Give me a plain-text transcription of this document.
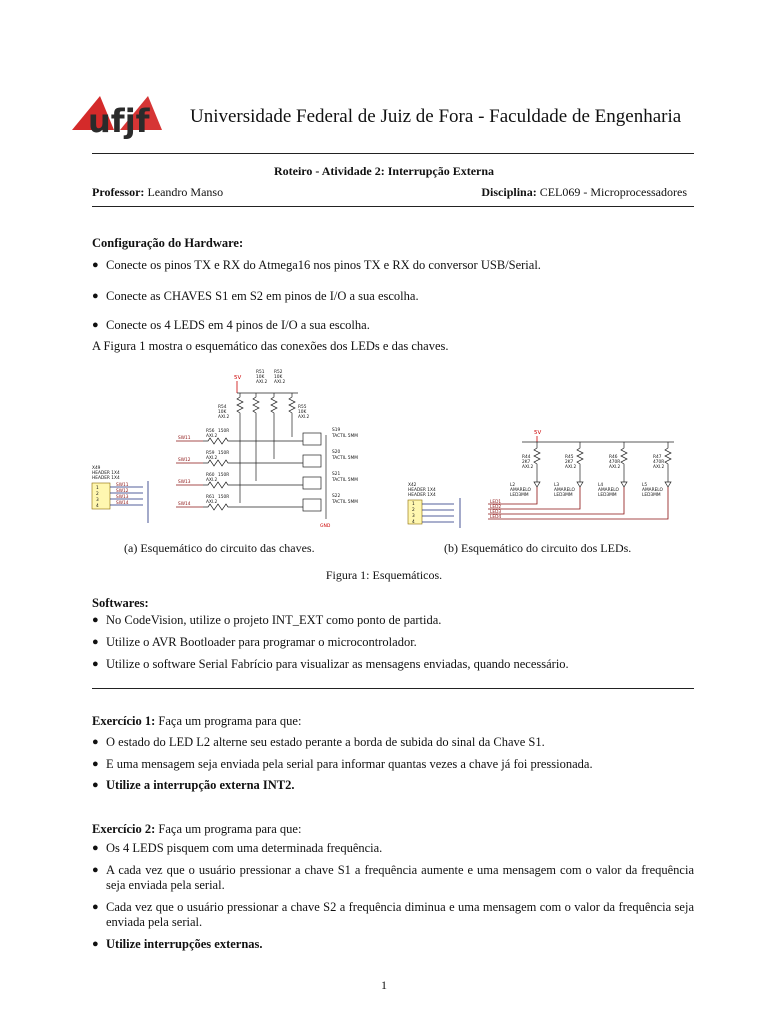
ufjf Universidade Federal de Juiz de Fora - Faculdade de Engenharia
Roteiro - Atividade 2: Interrupção Externa
Professor: Leandro Manso	Disciplina: CEL069 - Microprocessadores
Configuração do Hardware:
● Conecte os pinos TX e RX do Atmega16 nos pinos TX e RX do conversor USB/Serial.
● Conecte as CHAVES S1 em S2 em pinos de I/O a sua escolha.
● Conecte os 4 LEDS em 4 pinos de I/O a sua escolha.
A Figura 1 mostra o esquemático das conexões dos LEDs e das chaves.
5V
R51
10K
AXI.2
R52
10K
AXI.2
R54
10K
AXI.2
R55
10K
AXI.2
R56 150R
AXI.2
R59 150R
AXI.2
R60 150R
AXI.2
R61 150R
AXI.2
SW11
SW12
SW13
SW14
S19
TACTIL 5MM
S20
TACTIL 5MM
S21
TACTIL 5MM
S22
TACTIL 5MM
GND
X49
HEADER 1X4
HEADER 1X4
1
2
3
4
SW11
SW12
SW13
SW14
5V
R44
2K7
AXI.2
R45
2K7
AXI.2
R46
470R
AXI.2
R47
470R
AXI.2
L2
AMARELO
LED3MM
L3
AMARELO
LED3MM
L4
AMARELO
LED3MM
L5
AMARELO
LED3MM
LED1
LED2
LED3
LED4
X42
HEADER 1X4
HEADER 1X4
1
2
3
4
(a) Esquemático do circuito das chaves.	(b) Esquemático do circuito dos LEDs.
Figura 1: Esquemáticos.
Softwares:
● No CodeVision, utilize o projeto INT_EXT como ponto de partida.
● Utilize o AVR Bootloader para programar o microcontrolador.
● Utilize o software Serial Fabrício para visualizar as mensagens enviadas, quando necessário.
Exercício 1: Faça um programa para que:
● O estado do LED L2 alterne seu estado perante a borda de subida do sinal da Chave S1.
● E uma mensagem seja enviada pela serial para informar quantas vezes a chave já foi pressionada.
● Utilize a interrupção externa INT2.
Exercício 2: Faça um programa para que:
● Os 4 LEDS pisquem com uma determinada frequência.
● A cada vez que o usuário pressionar a chave S1 a frequência aumente e uma mensagem com o valor da frequência seja enviada pela serial.
● Cada vez que o usuário pressionar a chave S2 a frequência diminua e uma mensagem com o valor da frequência seja enviada pela serial.
● Utilize interrupções externas.
1
